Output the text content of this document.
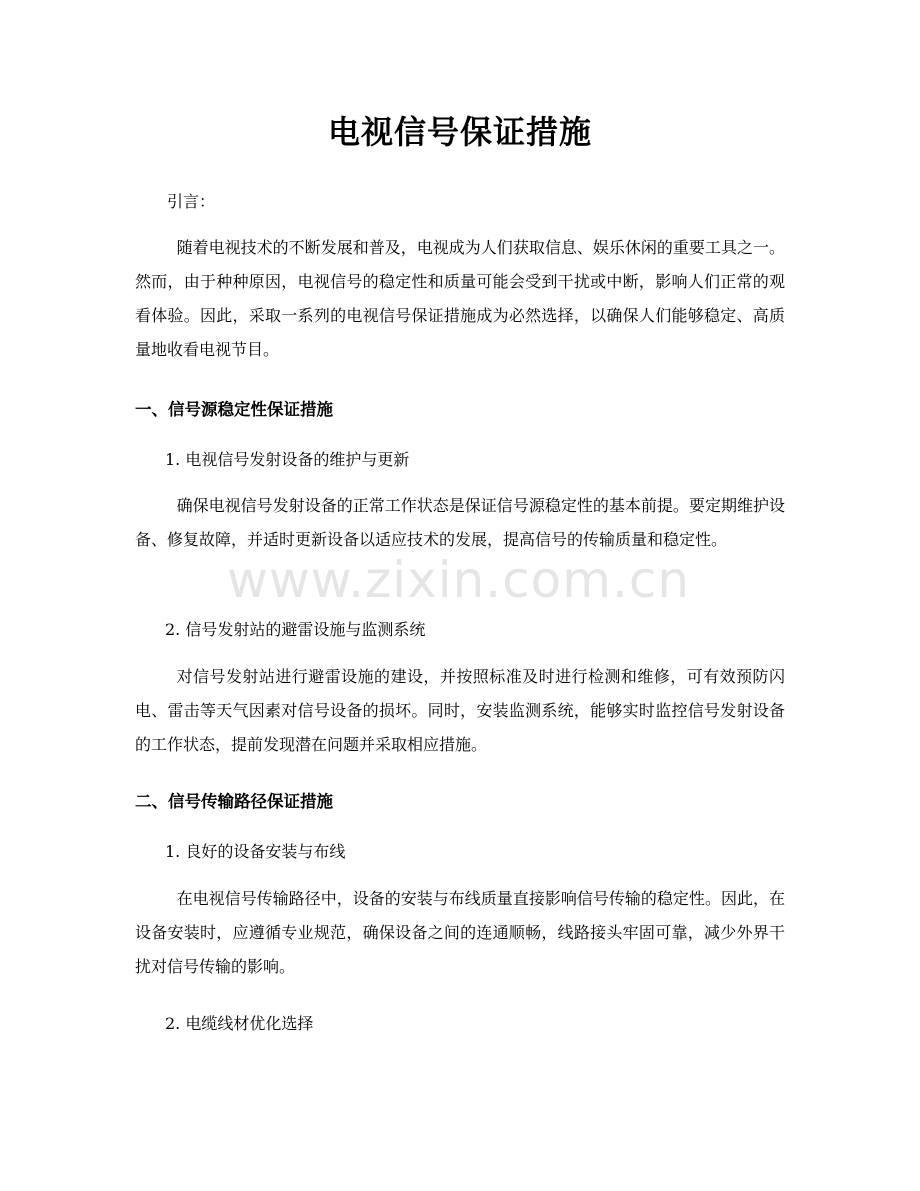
电视信号保证措施
引言：
随着电视技术的不断发展和普及，电视成为人们获取信息、娱乐休闲的重要工具之一。然而，由于种种原因，电视信号的稳定性和质量可能会受到干扰或中断，影响人们正常的观看体验。因此，采取一系列的电视信号保证措施成为必然选择，以确保人们能够稳定、高质量地收看电视节目。
一、信号源稳定性保证措施
1. 电视信号发射设备的维护与更新
确保电视信号发射设备的正常工作状态是保证信号源稳定性的基本前提。要定期维护设备、修复故障，并适时更新设备以适应技术的发展，提高信号的传输质量和稳定性。
2. 信号发射站的避雷设施与监测系统
对信号发射站进行避雷设施的建设，并按照标准及时进行检测和维修，可有效预防闪电、雷击等天气因素对信号设备的损坏。同时，安装监测系统，能够实时监控信号发射设备的工作状态，提前发现潜在问题并采取相应措施。
二、信号传输路径保证措施
1. 良好的设备安装与布线
在电视信号传输路径中，设备的安装与布线质量直接影响信号传输的稳定性。因此，在设备安装时，应遵循专业规范，确保设备之间的连通顺畅，线路接头牢固可靠，减少外界干扰对信号传输的影响。
2. 电缆线材优化选择
www.zixin.com.cn
